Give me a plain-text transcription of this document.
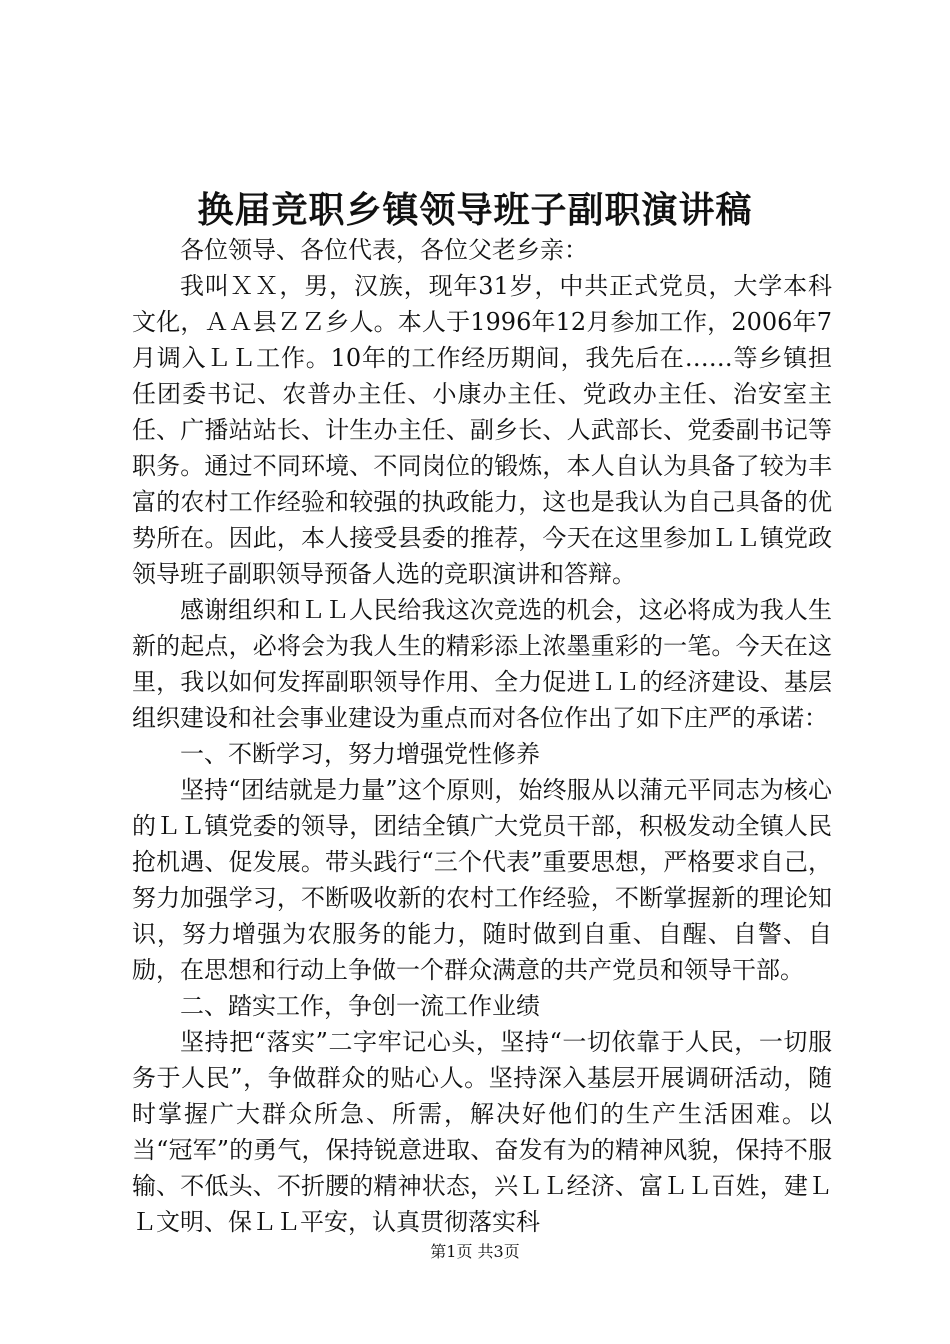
换届竞职乡镇领导班子副职演讲稿

各位领导、各位代表，各位父老乡亲：

我叫ＸＸ，男，汉族，现年31岁，中共正式党员，大学本科文化，ＡＡ县ＺＺ乡人。本人于1996年12月参加工作，2006年7月调入ＬＬ工作。10年的工作经历期间，我先后在……等乡镇担任团委书记、农普办主任、小康办主任、党政办主任、治安室主任、广播站站长、计生办主任、副乡长、人武部长、党委副书记等职务。通过不同环境、不同岗位的锻炼，本人自认为具备了较为丰富的农村工作经验和较强的执政能力，这也是我认为自己具备的优势所在。因此，本人接受县委的推荐，今天在这里参加ＬＬ镇党政领导班子副职领导预备人选的竞职演讲和答辩。

感谢组织和ＬＬ人民给我这次竞选的机会，这必将成为我人生新的起点，必将会为我人生的精彩添上浓墨重彩的一笔。今天在这里，我以如何发挥副职领导作用、全力促进ＬＬ的经济建设、基层组织建设和社会事业建设为重点而对各位作出了如下庄严的承诺：

一、不断学习，努力增强党性修养

坚持“团结就是力量”这个原则，始终服从以蒲元平同志为核心的ＬＬ镇党委的领导，团结全镇广大党员干部，积极发动全镇人民抢机遇、促发展。带头践行“三个代表”重要思想，严格要求自己，努力加强学习，不断吸收新的农村工作经验，不断掌握新的理论知识，努力增强为农服务的能力，随时做到自重、自醒、自警、自励，在思想和行动上争做一个群众满意的共产党员和领导干部。

二、踏实工作，争创一流工作业绩

坚持把“落实”二字牢记心头，坚持“一切依靠于人民，一切服务于人民”，争做群众的贴心人。坚持深入基层开展调研活动，随时掌握广大群众所急、所需，解决好他们的生产生活困难。以当“冠军”的勇气，保持锐意进取、奋发有为的精神风貌，保持不服输、不低头、不折腰的精神状态，兴ＬＬ经济、富ＬＬ百姓，建ＬＬ文明、保ＬＬ平安，认真贯彻落实科

第1页 共3页
